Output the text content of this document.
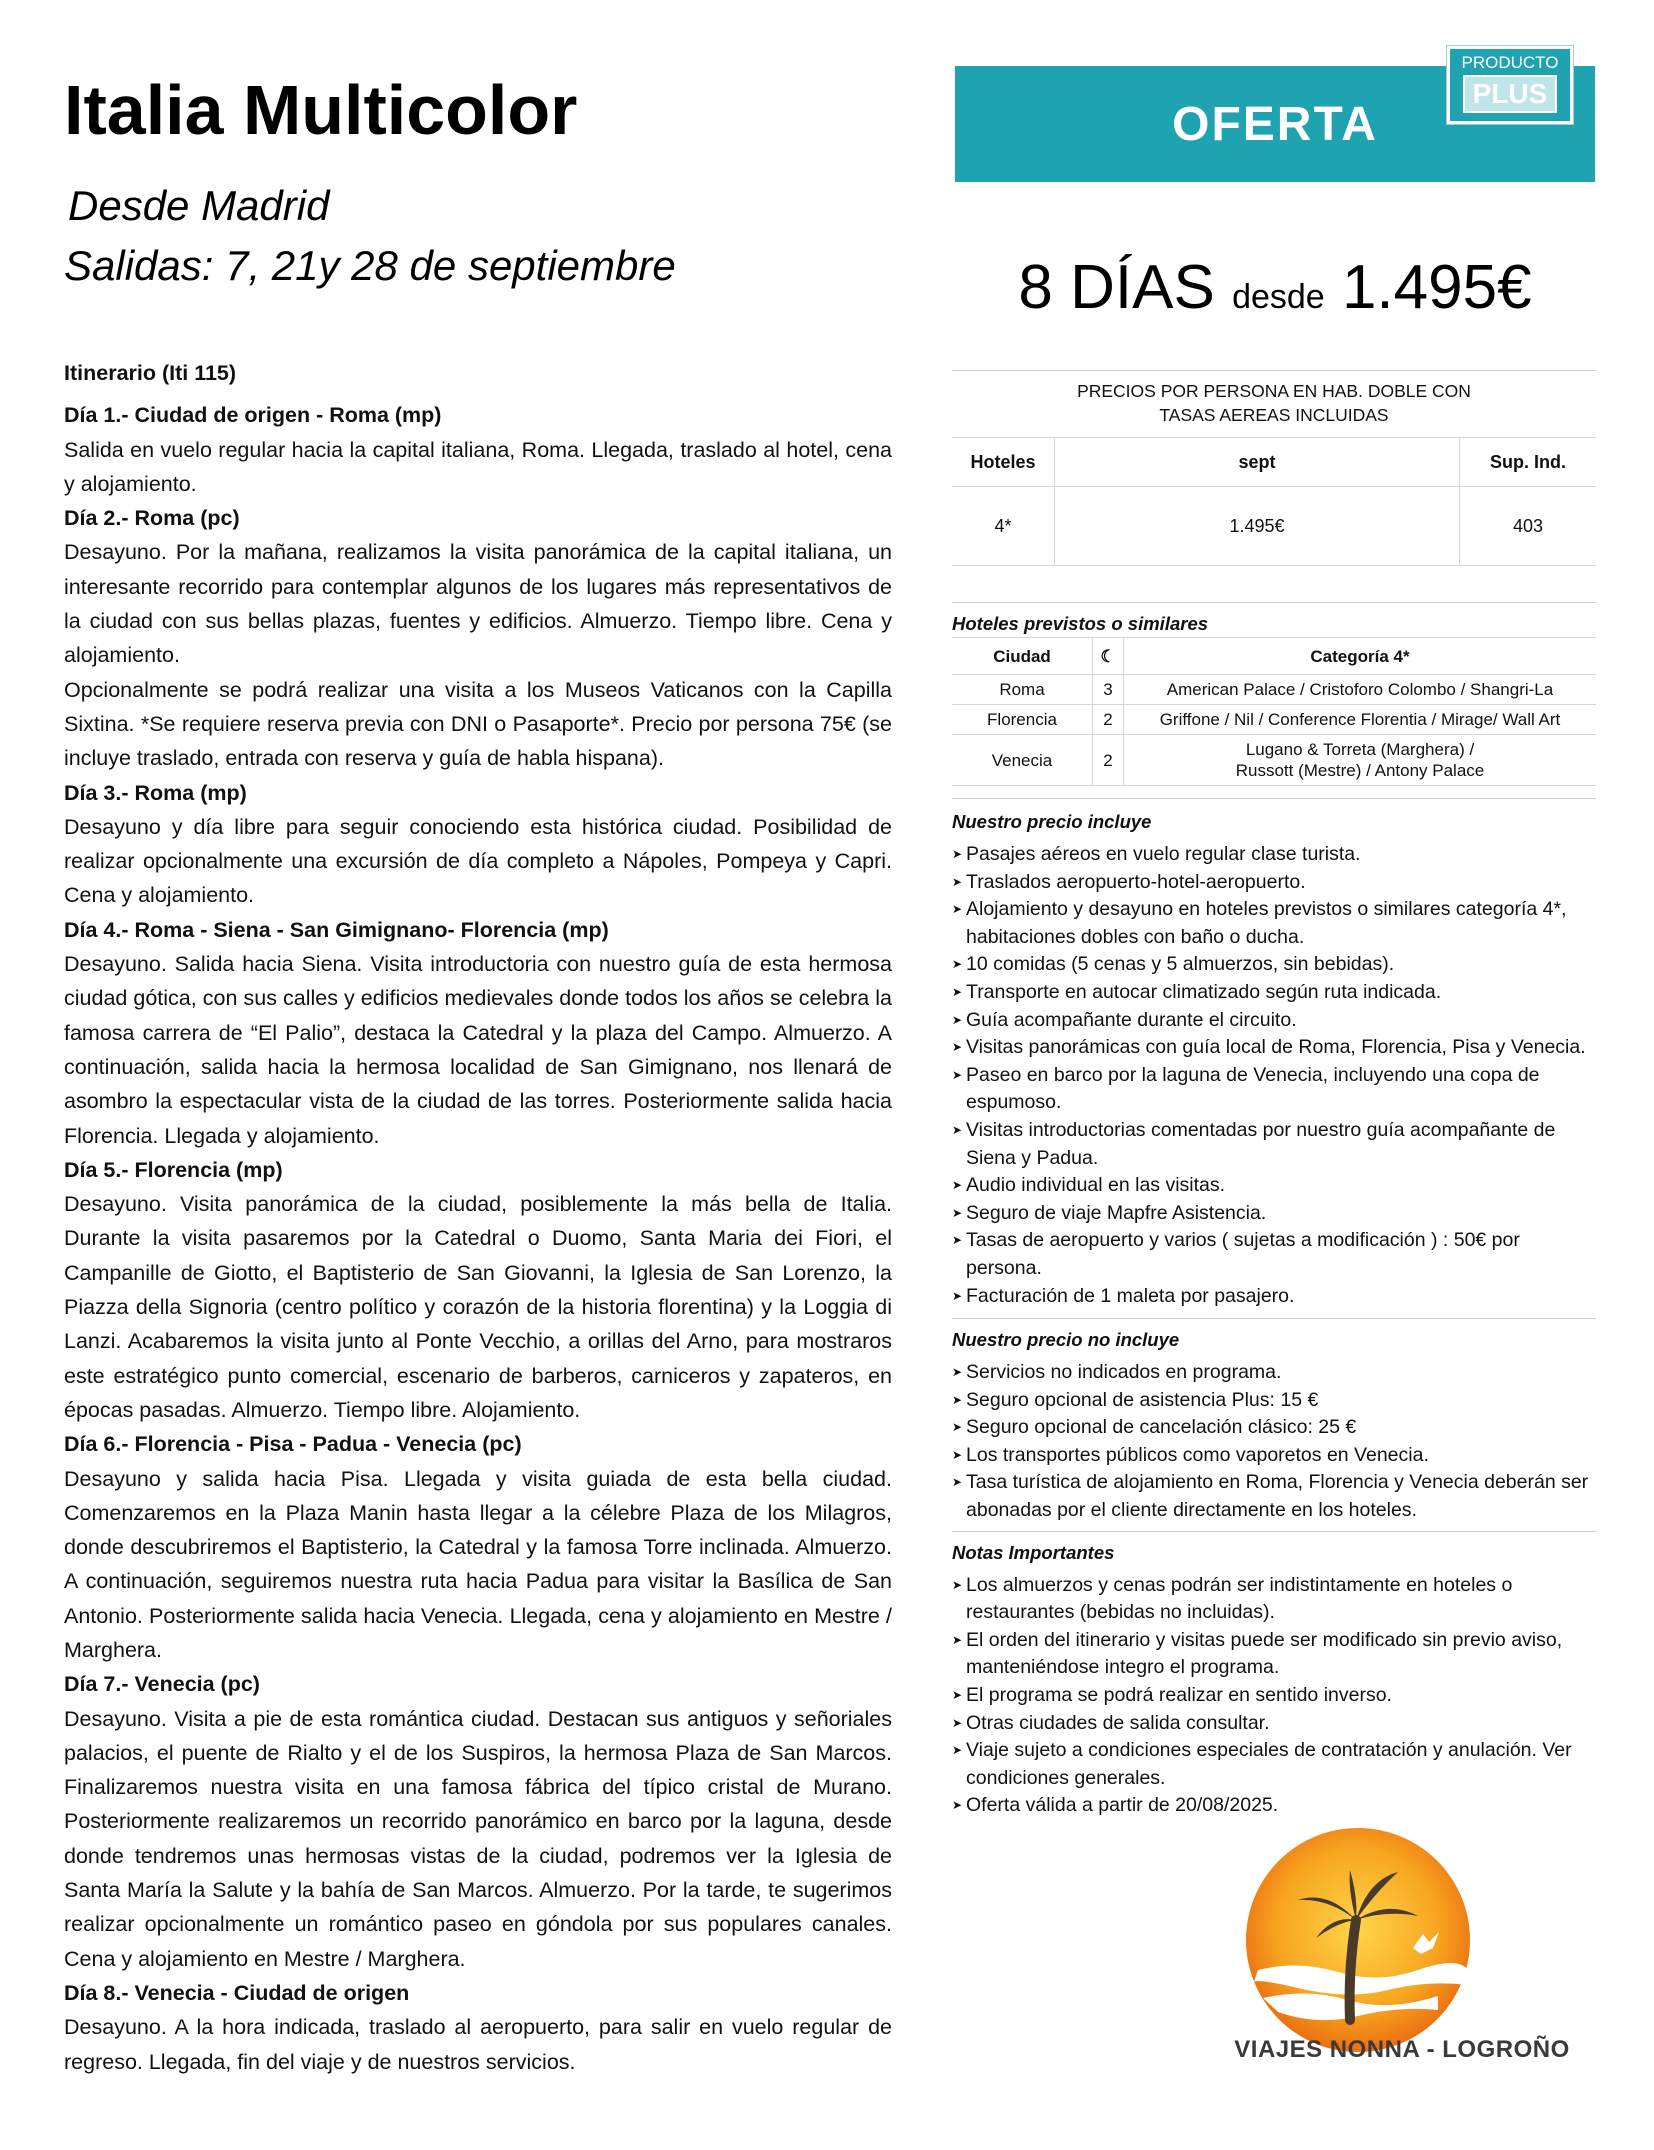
Italia Multicolor

Desde Madrid

Salidas: 7, 21y 28 de septiembre

OFERTA
PRODUCTO
PLUS
8 DÍAS desde 1.495€

Itinerario (Iti 115)

Día 1.- Ciudad de origen - Roma (mp)

Salida en vuelo regular hacia la capital italiana, Roma. Llegada, traslado al hotel, cena y alojamiento.

Día 2.- Roma (pc)

Desayuno. Por la mañana, realizamos la visita panorámica de la capital italiana, un interesante recorrido para contemplar algunos de los lugares más representativos de la ciudad con sus bellas plazas, fuentes y edificios. Almuerzo. Tiempo libre. Cena y alojamiento.

Opcionalmente se podrá realizar una visita a los Museos Vaticanos con la Capilla Sixtina. *Se requiere reserva previa con DNI o Pasaporte*. Precio por persona 75€ (se incluye traslado, entrada con reserva y guía de habla hispana).

Día 3.- Roma (mp)

Desayuno y día libre para seguir conociendo esta histórica ciudad. Posibilidad de realizar opcionalmente una excursión de día completo a Nápoles, Pompeya y Capri. Cena y alojamiento.

Día 4.- Roma - Siena - San Gimignano- Florencia (mp)

Desayuno. Salida hacia Siena. Visita introductoria con nuestro guía de esta hermosa ciudad gótica, con sus calles y edificios medievales donde todos los años se celebra la famosa carrera de “El Palio”, destaca la Catedral y la plaza del Campo. Almuerzo. A continuación, salida hacia la hermosa localidad de San Gimignano, nos llenará de asombro la espectacular vista de la ciudad de las torres. Posteriormente salida hacia Florencia. Llegada y alojamiento.

Día 5.- Florencia (mp)

Desayuno. Visita panorámica de la ciudad, posiblemente la más bella de Italia. Durante la visita pasaremos por la Catedral o Duomo, Santa Maria dei Fiori, el Campanille de Giotto, el Baptisterio de San Giovanni, la Iglesia de San Lorenzo, la Piazza della Signoria (centro político y corazón de la historia florentina) y la Loggia di Lanzi. Acabaremos la visita junto al Ponte Vecchio, a orillas del Arno, para mostraros este estratégico punto comercial, escenario de barberos, carniceros y zapateros, en épocas pasadas. Almuerzo. Tiempo libre. Alojamiento.

Día 6.- Florencia - Pisa - Padua - Venecia (pc)

Desayuno y salida hacia Pisa. Llegada y visita guiada de esta bella ciudad. Comenzaremos en la Plaza Manin hasta llegar a la célebre Plaza de los Milagros, donde descubriremos el Baptisterio, la Catedral y la famosa Torre inclinada. Almuerzo. A continuación, seguiremos nuestra ruta hacia Padua para visitar la Basílica de San Antonio. Posteriormente salida hacia Venecia. Llegada, cena y alojamiento en Mestre / Marghera.

Día 7.- Venecia (pc)

Desayuno. Visita a pie de esta romántica ciudad. Destacan sus antiguos y señoriales palacios, el puente de Rialto y el de los Suspiros, la hermosa Plaza de San Marcos. Finalizaremos nuestra visita en una famosa fábrica del típico cristal de Murano. Posteriormente realizaremos un recorrido panorámico en barco por la laguna, desde donde tendremos unas hermosas vistas de la ciudad, podremos ver la Iglesia de Santa María la Salute y la bahía de San Marcos. Almuerzo. Por la tarde, te sugerimos realizar opcionalmente un romántico paseo en góndola por sus populares canales. Cena y alojamiento en Mestre / Marghera.

Día 8.- Venecia - Ciudad de origen

Desayuno. A la hora indicada, traslado al aeropuerto, para salir en vuelo regular de regreso. Llegada, fin del viaje y de nuestros servicios.

PRECIOS POR PERSONA EN HAB. DOBLE CON
TASAS AEREAS INCLUIDAS
Hoteles	sept	Sup. Ind.
4*	1.495€	403

Hoteles previstos o similares

Ciudad	☾	Categoría 4*
Roma	3	American Palace / Cristoforo Colombo / Shangri-La
Florencia	2	Griffone / Nil / Conference Florentia / Mirage/ Wall Art
Venecia	2	Lugano & Torreta (Marghera) /
Russott (Mestre) / Antony Palace

Nuestro precio incluye

➤ Pasajes aéreos en vuelo regular clase turista.
➤ Traslados aeropuerto-hotel-aeropuerto.
➤ Alojamiento y desayuno en hoteles previstos o similares categoría 4*, habitaciones dobles con baño o ducha.
➤ 10 comidas (5 cenas y 5 almuerzos, sin bebidas).
➤ Transporte en autocar climatizado según ruta indicada.
➤ Guía acompañante durante el circuito.
➤ Visitas panorámicas con guía local de Roma, Florencia, Pisa y Venecia.
➤ Paseo en barco por la laguna de Venecia, incluyendo una copa de espumoso.
➤ Visitas introductorias comentadas por nuestro guía acompañante de Siena y Padua.
➤ Audio individual en las visitas.
➤ Seguro de viaje Mapfre Asistencia.
➤ Tasas de aeropuerto y varios ( sujetas a modificación ) : 50€ por persona.
➤ Facturación de 1 maleta por pasajero.

Nuestro precio no incluye

➤ Servicios no indicados en programa.
➤ Seguro opcional de asistencia Plus: 15 €
➤ Seguro opcional de cancelación clásico: 25 €
➤ Los transportes públicos como vaporetos en Venecia.
➤ Tasa turística de alojamiento en Roma, Florencia y Venecia deberán ser abonadas por el cliente directamente en los hoteles.

Notas Importantes

➤ Los almuerzos y cenas podrán ser indistintamente en hoteles o restaurantes (bebidas no incluidas).
➤ El orden del itinerario y visitas puede ser modificado sin previo aviso, manteniéndose integro el programa.
➤ El programa se podrá realizar en sentido inverso.
➤ Otras ciudades de salida consultar.
➤ Viaje sujeto a condiciones especiales de contratación y anulación. Ver condiciones generales.
➤ Oferta válida a partir de 20/08/2025.
VIAJES NONNA - LOGROÑO
